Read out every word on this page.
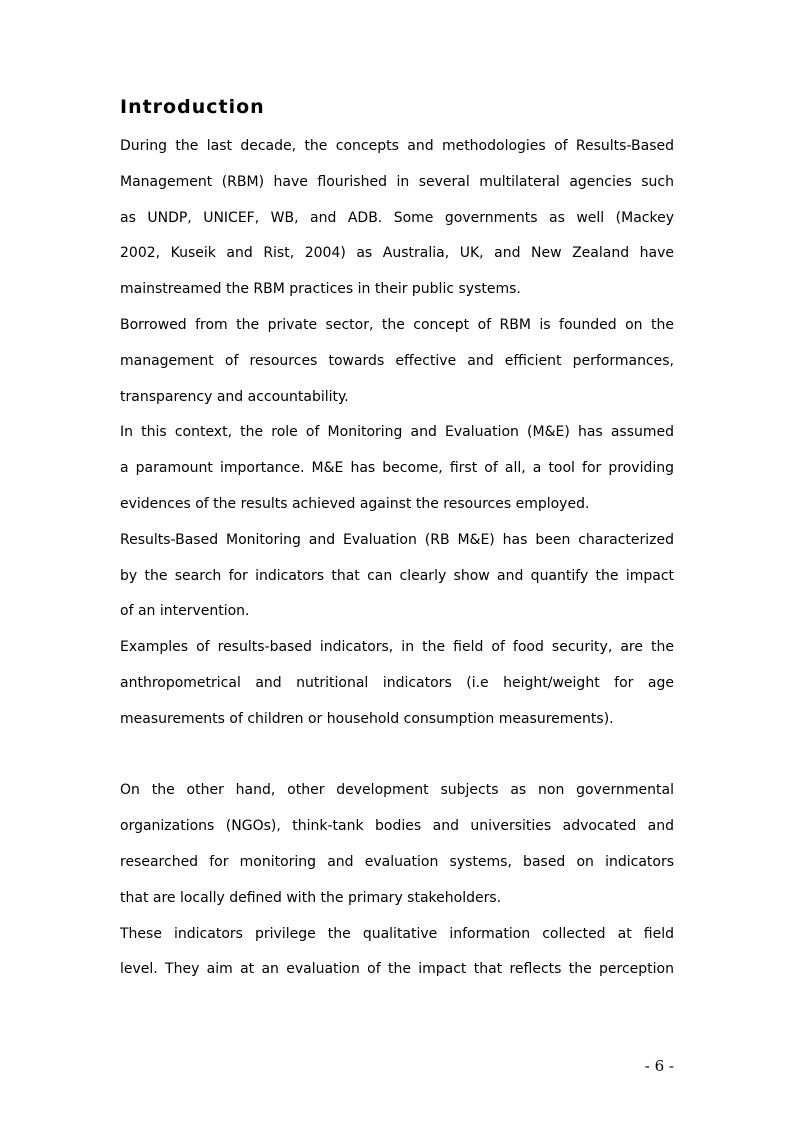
Introduction

During the last decade, the concepts and methodologies of Results-Based
Management (RBM) have flourished in several multilateral agencies such
as UNDP, UNICEF, WB, and ADB. Some governments as well (Mackey
2002, Kuseik and Rist, 2004) as Australia, UK, and New Zealand have
mainstreamed the RBM practices in their public systems.

Borrowed from the private sector, the concept of RBM is founded on the
management of resources towards effective and efficient performances,
transparency and accountability.

In this context, the role of Monitoring and Evaluation (M&E) has assumed
a paramount importance. M&E has become, first of all, a tool for providing
evidences of the results achieved against the resources employed.

Results-Based Monitoring and Evaluation (RB M&E) has been characterized
by the search for indicators that can clearly show and quantify the impact
of an intervention.

Examples of results-based indicators, in the field of food security, are the
anthropometrical and nutritional indicators (i.e height/weight for age
measurements of children or household consumption measurements).

On the other hand, other development subjects as non governmental
organizations (NGOs), think-tank bodies and universities advocated and
researched for monitoring and evaluation systems, based on indicators
that are locally defined with the primary stakeholders.

These indicators privilege the qualitative information collected at field
level. They aim at an evaluation of the impact that reflects the perception

- 6 -
